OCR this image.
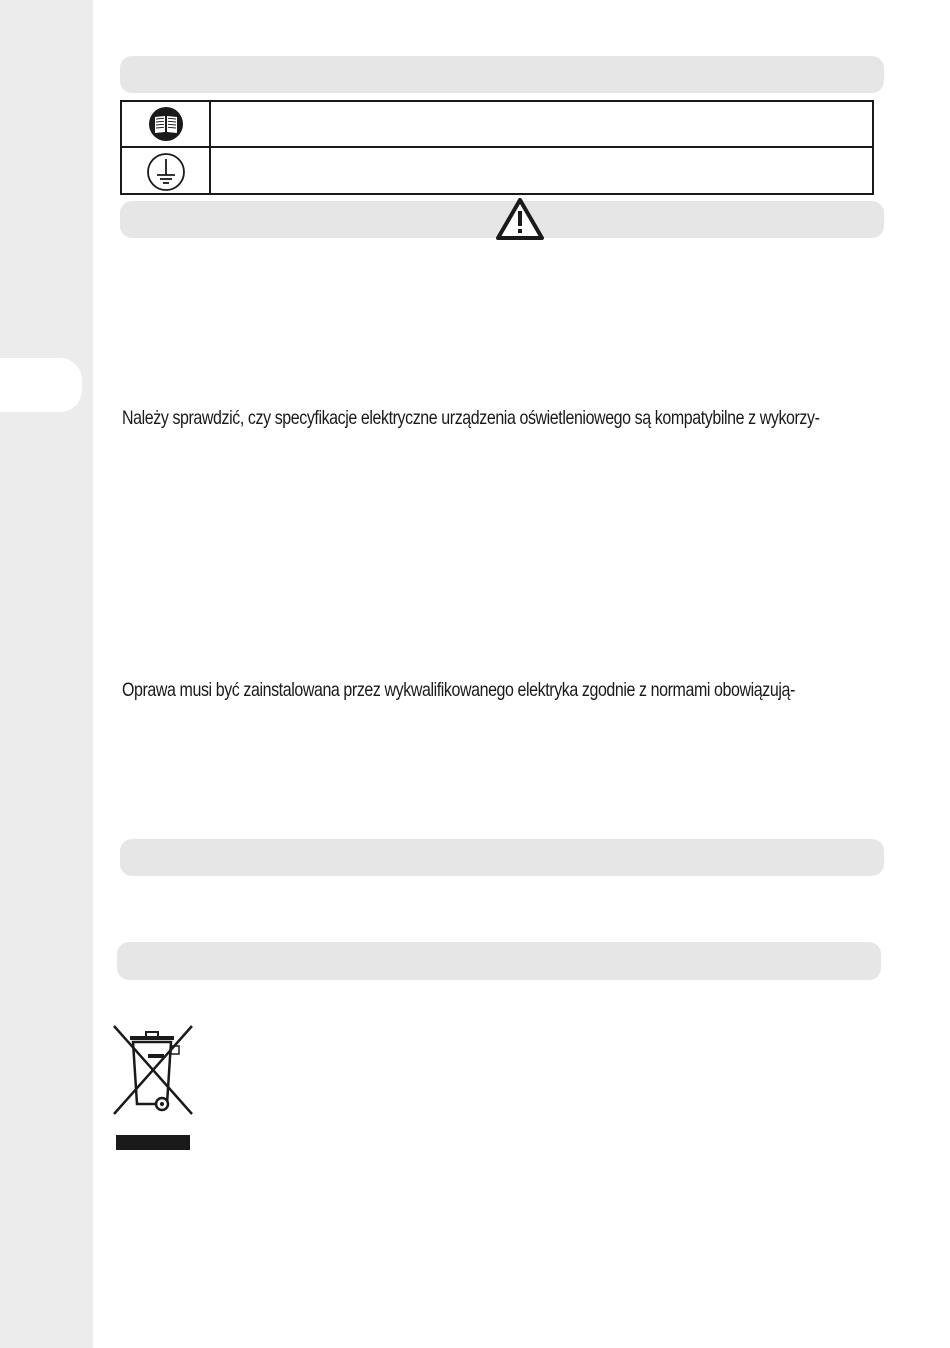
Należy sprawdzić, czy specyfikacje elektryczne urządzenia oświetleniowego są kompatybilne z wykorzy-

Oprawa musi być zainstalowana przez wykwalifikowanego elektryka zgodnie z normami obowiązują-
